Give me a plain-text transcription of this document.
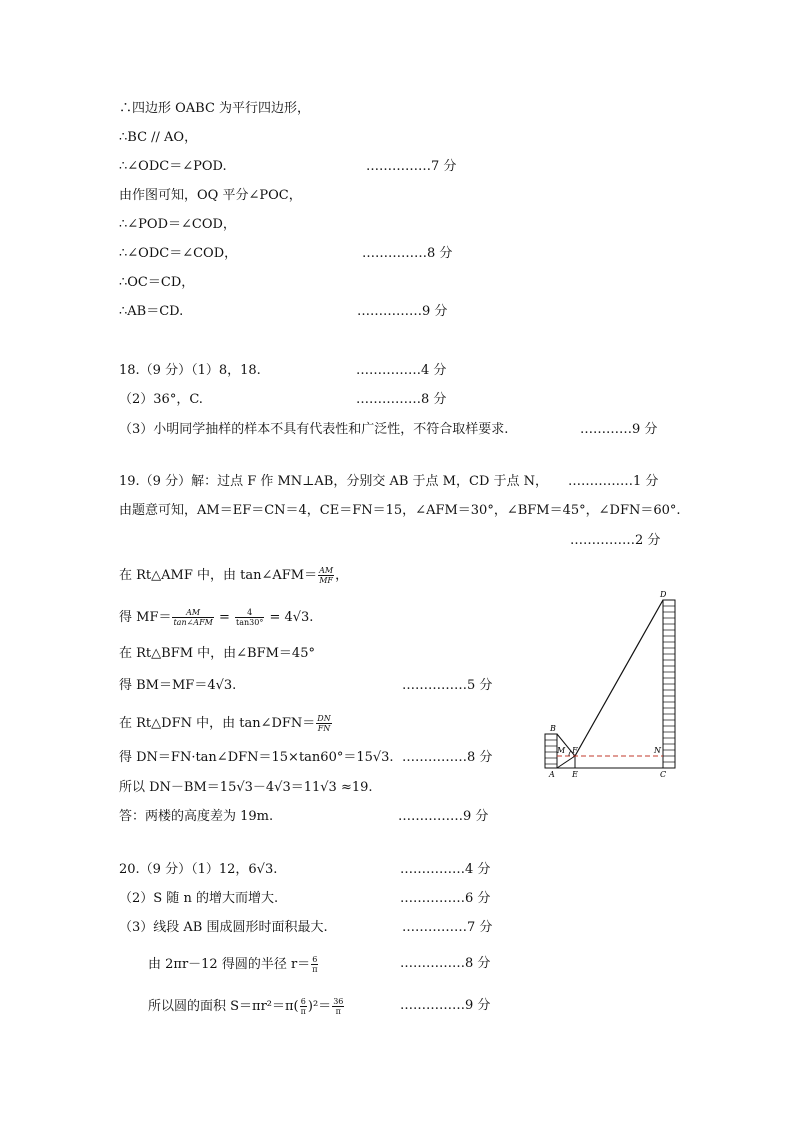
∴四边形 OABC 为平行四边形，
∴BC // AO，
∴∠ODC＝∠POD.	……………7 分
由作图可知，OQ 平分∠POC，
∴∠POD＝∠COD，
∴∠ODC＝∠COD，	……………8 分
∴OC＝CD，
∴AB＝CD.	……………9 分
18.（9 分）（1）8，18.	……………4 分
（2）36°，C.	……………8 分
（3）小明同学抽样的样本不具有代表性和广泛性，不符合取样要求.	…………9 分
19.（9 分）解：过点 F 作 MN⊥AB，分别交 AB 于点 M，CD 于点 N， ……………1 分
由题意可知，AM＝EF＝CN＝4，CE＝FN＝15，∠AFM＝30°，∠BFM＝45°，∠DFN＝60°.
……………2 分
在 Rt△AMF 中，由 tan∠AFM＝ $\frac{AM}{MF}$ ，
得 $MF= \frac{AM}{\text{tan∠AFM}} = \frac{4}{\tan 30^\circ} = 4√3$.
在 Rt△BFM 中，由∠BFM＝45°
得 BM＝MF＝4√3.	……………5 分
在 Rt△DFN 中，由 tan∠DFN＝ $\frac{DN}{FN}$
得 DN＝FN·tan∠DFN＝15×tan60°＝15√3. ……………8 分
所以 DN－BM＝15√3－4√3＝11√3 ≈19.
答：两楼的高度差为 19m.	……………9 分
D
B
M F	N
A E	C
20.（9 分）（1）12，6√3.	……………4 分
（2）S 随 n 的增大而增大.	……………6 分
（3）线段 AB 围成圆形时面积最大.	……………7 分
由 2πr－12 得圆的半径 $r= \frac{6}{\pi}$	……………8 分
所以圆的面积 $S=\pi r^2=\pi( \frac{6}{\pi} )^2= \frac{36}{\pi}$	……………9 分
